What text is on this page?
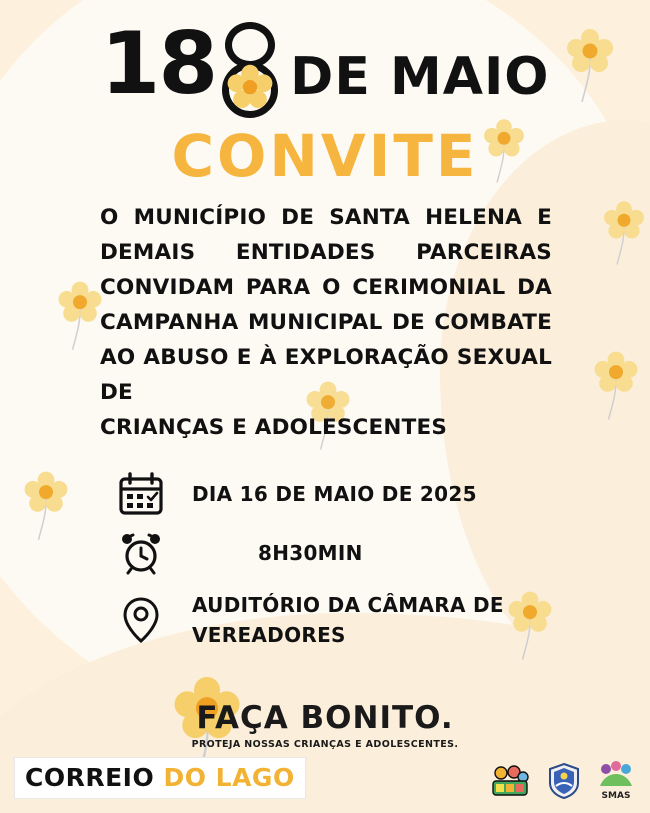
18 DE MAIO
CONVITE
O MUNICÍPIO DE SANTA HELENA E DEMAIS ENTIDADES PARCEIRAS CONVIDAM PARA O CERIMONIAL DA CAMPANHA MUNICIPAL DE COMBATE AO ABUSO E À EXPLORAÇÃO SEXUAL DE
CRIANÇAS E ADOLESCENTES
DIA 16 DE MAIO DE 2025
8H30MIN
AUDITÓRIO DA CÂMARA DE VEREADORES
FAÇA BONITO.
PROTEJA NOSSAS CRIANÇAS E ADOLESCENTES.
CORREIO DO LAGO
SMAS
